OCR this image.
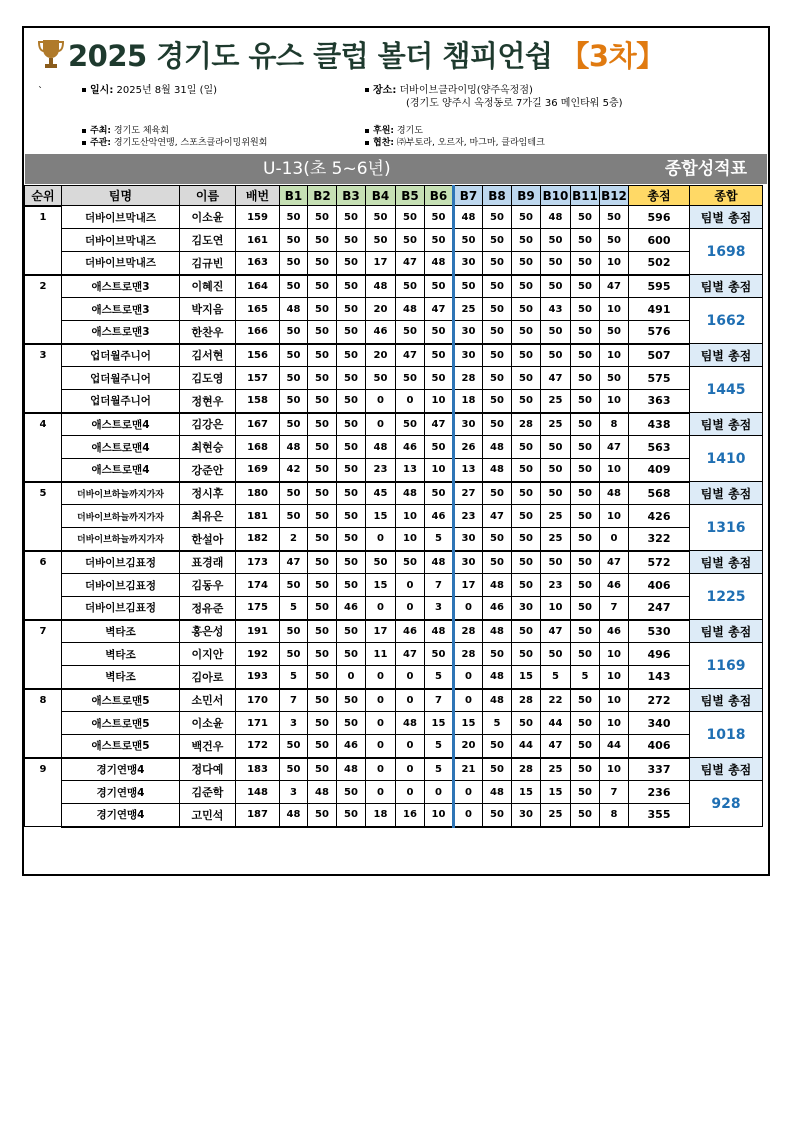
2025 경기도 유스 클럽 볼더 챔피언쉽 【3차】
`	일시: 2025년 8월 31일 (일)	장소: 더바이브클라이밍(양주옥정점)
(경기도 양주시 옥정동로 7가길 36 메인타워 5층)
주최: 경기도 체육회
주관: 경기도산악연맹, 스포츠클라이밍위원회
후원: 경기도
협찬: ㈜부토라, 오르자, 마그마, 클라임테크
U-13(초 5~6년)	종합성적표
순위	팀명	이름	배번	B1	B2	B3	B4	B5	B6	B7	B8	B9	B10	B11	B12	총점	종합
1	더바이브막내즈	이소윤	159	50	50	50	50	50	50	48	50	50	48	50	50	596	팀별 총점
	더바이브막내즈	김도연	161	50	50	50	50	50	50	50	50	50	50	50	50	600	1698
	더바이브막내즈	김규빈	163	50	50	50	17	47	48	30	50	50	50	50	10	502	
2	애스트로맨3	이혜진	164	50	50	50	48	50	50	50	50	50	50	50	47	595	팀별 총점
	애스트로맨3	박지음	165	48	50	50	20	48	47	25	50	50	43	50	10	491	1662
	애스트로맨3	한찬우	166	50	50	50	46	50	50	30	50	50	50	50	50	576	
3	업더월주니어	김서현	156	50	50	50	20	47	50	30	50	50	50	50	10	507	팀별 총점
	업더월주니어	김도영	157	50	50	50	50	50	50	28	50	50	47	50	50	575	1445
	업더월주니어	정현우	158	50	50	50	0	0	10	18	50	50	25	50	10	363	
4	애스트로맨4	김강은	167	50	50	50	0	50	47	30	50	28	25	50	8	438	팀별 총점
	애스트로맨4	최현승	168	48	50	50	48	46	50	26	48	50	50	50	47	563	1410
	애스트로맨4	강준안	169	42	50	50	23	13	10	13	48	50	50	50	10	409	
5	더바이브하늘까지가자	정시후	180	50	50	50	45	48	50	27	50	50	50	50	48	568	팀별 총점
	더바이브하늘까지가자	최유은	181	50	50	50	15	10	46	23	47	50	25	50	10	426	1316
	더바이브하늘까지가자	한설아	182	2	50	50	0	10	5	30	50	50	25	50	0	322	
6	더바이브김표정	표경래	173	47	50	50	50	50	48	30	50	50	50	50	47	572	팀별 총점
	더바이브김표정	김동우	174	50	50	50	15	0	7	17	48	50	23	50	46	406	1225
	더바이브김표정	정유준	175	5	50	46	0	0	3	0	46	30	10	50	7	247	
7	벽타조	홍은성	191	50	50	50	17	46	48	28	48	50	47	50	46	530	팀별 총점
	벽타조	이지안	192	50	50	50	11	47	50	28	50	50	50	50	10	496	1169
	벽타조	김아로	193	5	50	0	0	0	5	0	48	15	5	5	10	143	
8	애스트로맨5	소민서	170	7	50	50	0	0	7	0	48	28	22	50	10	272	팀별 총점
	애스트로맨5	이소윤	171	3	50	50	0	48	15	15	5	50	44	50	10	340	1018
	애스트로맨5	백건우	172	50	50	46	0	0	5	20	50	44	47	50	44	406	
9	경기연맹4	정다예	183	50	50	48	0	0	5	21	50	28	25	50	10	337	팀별 총점
	경기연맹4	김준학	148	3	48	50	0	0	0	0	48	15	15	50	7	236	928
	경기연맹4	고민석	187	48	50	50	18	16	10	0	50	30	25	50	8	355	
